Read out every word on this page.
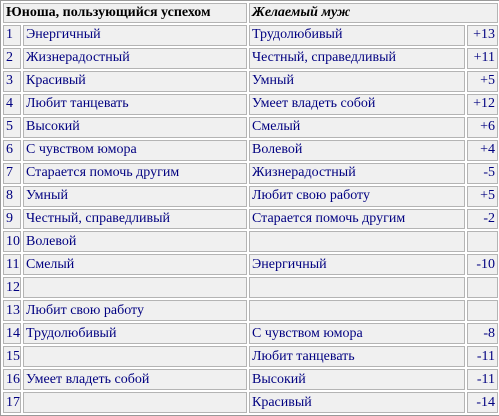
Юноша, пользующийся успехом		Желаемый муж	
1	Энергичный	Трудолюбивый	+13
2	Жизнерадостный	Честный, справедливый	+11
3	Красивый	Умный	+5
4	Любит танцевать	Умеет владеть собой	+12
5	Высокий	Смелый	+6
6	С чувством юмора	Волевой	+4
7	Старается помочь другим	Жизнерадостный	-5
8	Умный	Любит свою работу	+5
9	Честный, справедливый	Старается помочь другим	-2
10	Волевой		
11	Смелый	Энергичный	-10
12			
13	Любит свою работу		
14	Трудолюбивый	С чувством юмора	-8
15		Любит танцевать	-11
16	Умеет владеть собой	Высокий	-11
17		Красивый	-14
